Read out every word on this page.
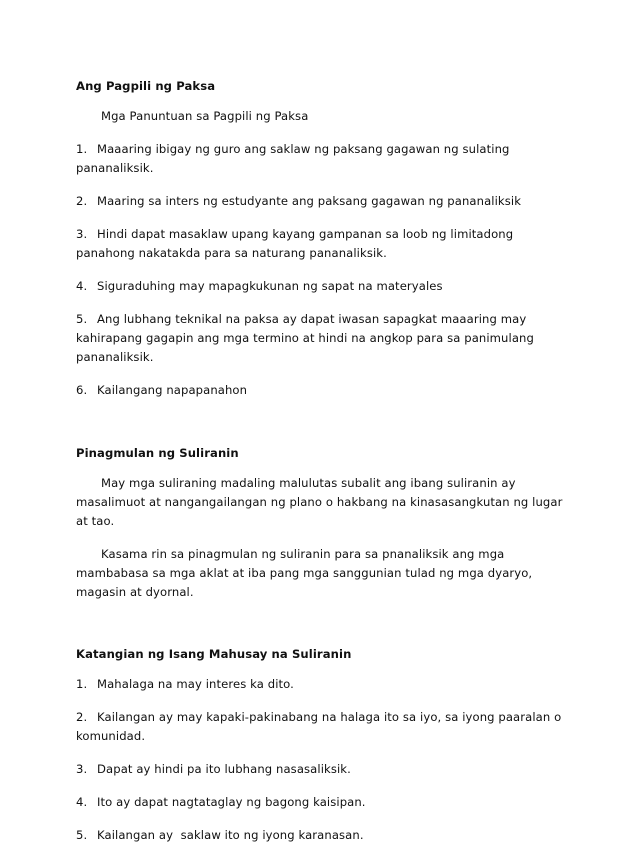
Ang Pagpili ng Paksa

Mga Panuntuan sa Pagpili ng Paksa

1. Maaaring ibigay ng guro ang saklaw ng paksang gagawan ng sulating pananaliksik.

2. Maaring sa inters ng estudyante ang paksang gagawan ng pananaliksik

3. Hindi dapat masaklaw upang kayang gampanan sa loob ng limitadong panahong nakatakda para sa naturang pananaliksik.

4. Siguraduhing may mapagkukunan ng sapat na materyales

5. Ang lubhang teknikal na paksa ay dapat iwasan sapagkat maaaring may kahirapang gagapin ang mga termino at hindi na angkop para sa panimulang pananaliksik.

6. Kailangang napapanahon

Pinagmulan ng Suliranin

May mga suliraning madaling malulutas subalit ang ibang suliranin ay masalimuot at nangangailangan ng plano o hakbang na kinasasangkutan ng lugar at tao.

Kasama rin sa pinagmulan ng suliranin para sa pnanaliksik ang mga mambabasa sa mga aklat at iba pang mga sanggunian tulad ng mga dyaryo, magasin at dyornal.

Katangian ng Isang Mahusay na Suliranin

1. Mahalaga na may interes ka dito.

2. Kailangan ay may kapaki-pakinabang na halaga ito sa iyo, sa iyong paaralan o komunidad.

3. Dapat ay hindi pa ito lubhang nasasaliksik.

4. Ito ay dapat nagtataglay ng bagong kaisipan.

5. Kailangan ay  saklaw ito ng iyong karanasan.
